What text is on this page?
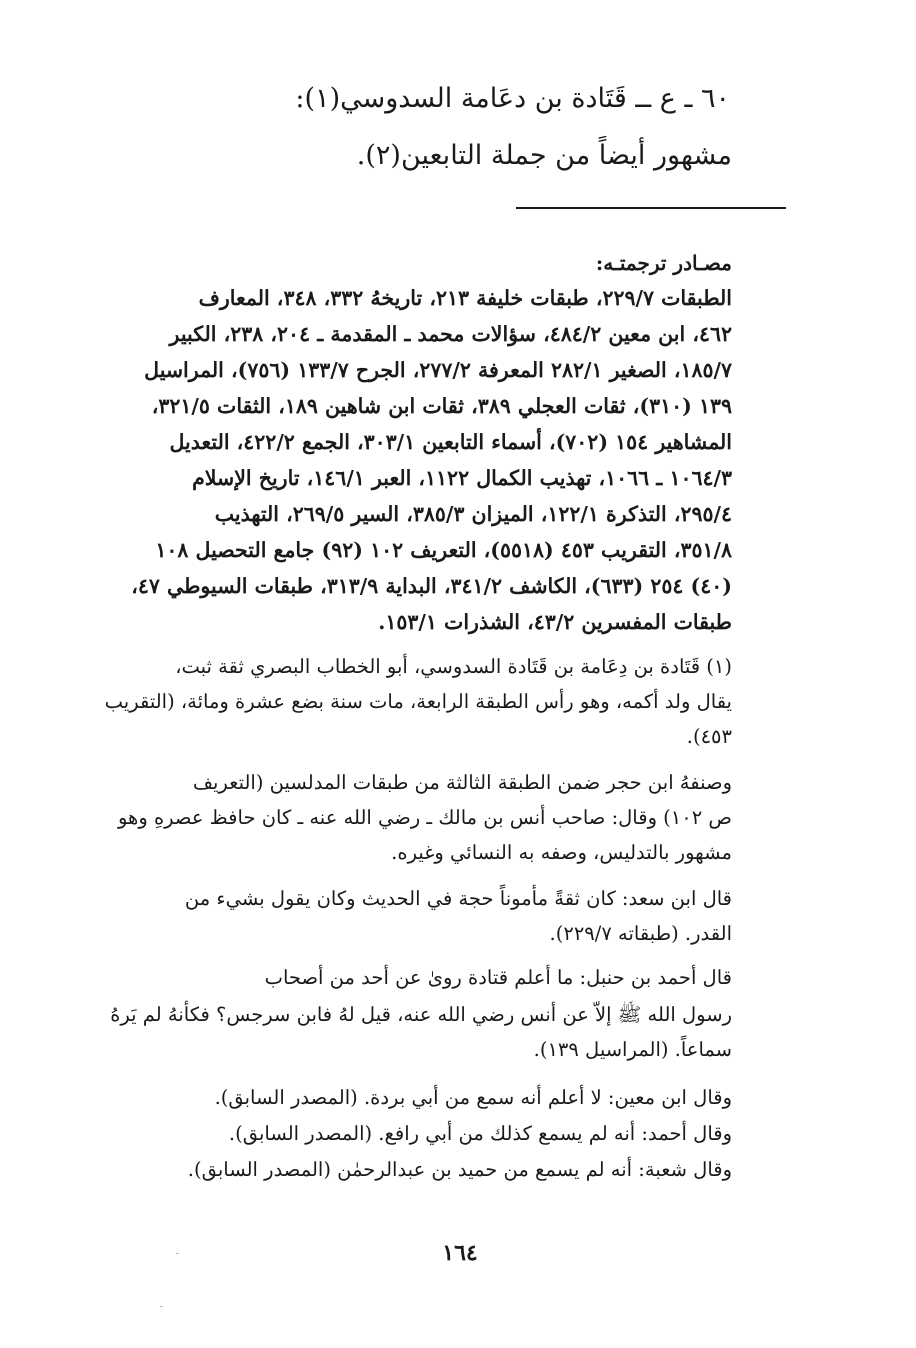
٦٠ ـ ع ــ قَتَادة بن دعَامة السدوسي(١):
مشهور أيضاً من جملة التابعين(٢).
مصـادر ترجمتـه:
الطبقات ٢٢٩/٧، طبقات خليفة ٢١٣، تاريخهُ ٣٣٢، ٣٤٨، المعارف
٤٦٢، ابن معين ٤٨٤/٢، سؤالات محمد ـ المقدمة ـ ٢٠٤، ٢٣٨، الكبير
١٨٥/٧، الصغير ٢٨٢/١ المعرفة ٢٧٧/٢، الجرح ١٣٣/٧ (٧٥٦)، المراسيل
١٣٩ (٣١٠)، ثقات العجلي ٣٨٩، ثقات ابن شاهين ١٨٩، الثقات ٣٢١/٥،
المشاهير ١٥٤ (٧٠٢)، أسماء التابعين ٣٠٣/١، الجمع ٤٢٢/٢، التعديل
١٠٦٤/٣ ـ ١٠٦٦، تهذيب الكمال ١١٢٢، العبر ١٤٦/١، تاريخ الإسلام
٢٩٥/٤، التذكرة ١٢٢/١، الميزان ٣٨٥/٣، السير ٢٦٩/٥، التهذيب
٣٥١/٨، التقريب ٤٥٣ (٥٥١٨)، التعريف ١٠٢ (٩٢) جامع التحصيل ١٠٨
(٤٠) ٢٥٤ (٦٣٣)، الكاشف ٣٤١/٢، البداية ٣١٣/٩، طبقات السيوطي ٤٧،
طبقات المفسرين ٤٣/٢، الشذرات ١٥٣/١.
(١) قَتَادة بن دِعَامة بن قَتَادة السدوسي، أبو الخطاب البصري ثقة ثبت،
يقال ولد أكمه، وهو رأس الطبقة الرابعة، مات سنة بضع عشرة ومائة، (التقريب
٤٥٣).
وصنفهُ ابن حجر ضمن الطبقة الثالثة من طبقات المدلسين (التعريف
ص ١٠٢) وقال: صاحب أنس بن مالك ـ رضي الله عنه ـ كان حافظ عصرهِ وهو
مشهور بالتدليس، وصفه به النسائي وغيره.
قال ابن سعد: كان ثقةً مأموناً حجة في الحديث وكان يقول بشيء من
القدر. (طبقاته ٢٢٩/٧).
قال أحمد بن حنبل: ما أعلم قتادة روىٰ عن أحد من أصحاب
رسول الله ﷺ إلاّ عن أنس رضي الله عنه، قيل لهُ فابن سرجس؟ فكأنهُ لم يَرهُ
سماعاً. (المراسيل ١٣٩).
وقال ابن معين: لا أعلم أنه سمع من أبي بردة. (المصدر السابق).
وقال أحمد: أنه لم يسمع كذلك من أبي رافع. (المصدر السابق).
وقال شعبة: أنه لم يسمع من حميد بن عبدالرحمٰن (المصدر السابق).
١٦٤
